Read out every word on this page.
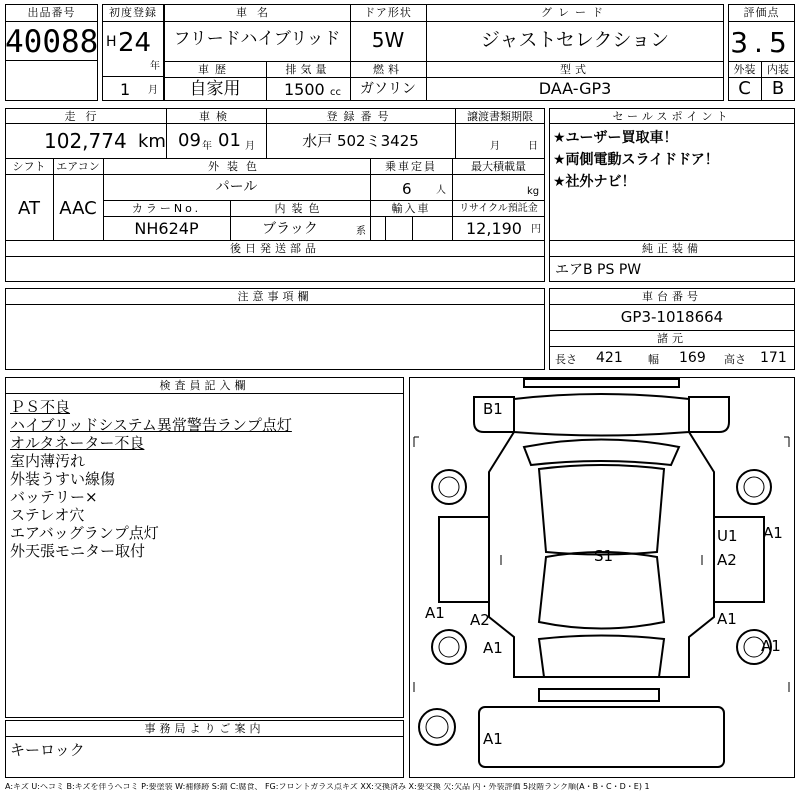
出品番号
40088
初度登録
H 24
年
1 月
車名
フリードハイブリッド
ドア形状
5W
グレード
ジャストセレクション
車歴
自家用
排気量
1500 cc
燃料
ガソリン
型式
DAA-GP3
評価点
3.5
外装	内装
C	B
走行
102,774 km
車検
09 年 01 月
登録番号
水戸 502ミ3425
譲渡書類期限
月	日
シフト エアコン
AT	AAC
外装色
パール
乗車定員
6 人
最大積載量
kg
カラーNo.
NH624P
内装色
ブラック	系
輸入車	リサイクル預託金
12,190 円
後日発送部品
セールスポイント
★ユーザー買取車！
★両側電動スライドドア！
★社外ナビ！
純正装備
エアB PS PW
注意事項欄	車台番号
GP3-1018664
諸元
長さ 421 幅 169 高さ 171
検査員記入欄
ＰＳ不良
ハイブリッドシステム異常警告ランプ点灯
オルタネーター不良
室内薄汚れ
外装うすい線傷
バッテリー×
ステレオ穴
エアバッグランプ点灯
外天張モニター取付
事務局よりご案内
キーロック
B1
U1 A1
A2
S1
A1	A1
A2
A1	A1
A1
A:キズ U:ヘコミ B:キズを伴うヘコミ P:要塗装 W:補修跡 S:錆 C:腐食、 FG:フロントガラス点キズ XX:交換済み X:要交換 欠:欠品 内・外装評価 5段階ランク順(A・B・C・D・E) 1
